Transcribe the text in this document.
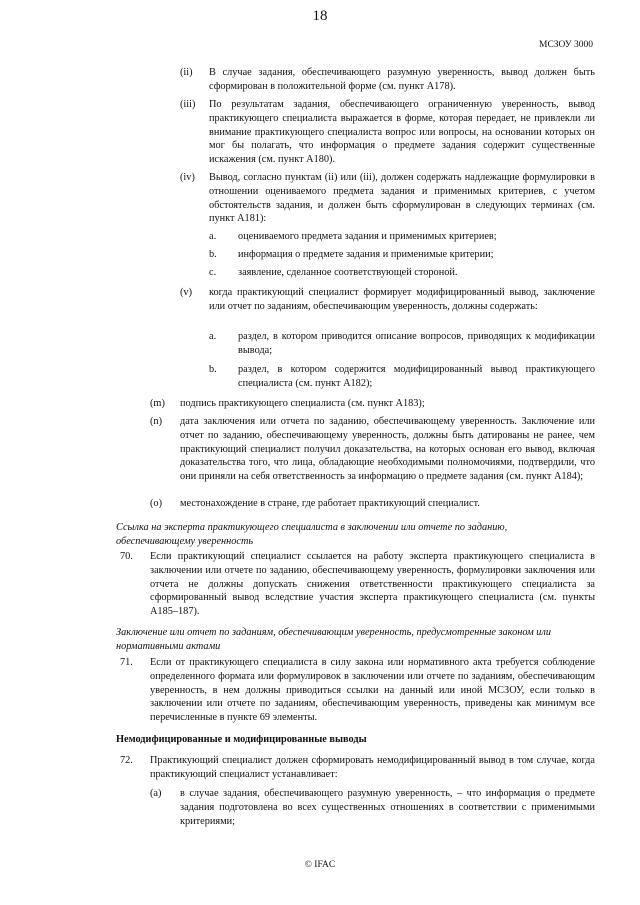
18
МСЗОУ 3000
(ii) В случае задания, обеспечивающего разумную уверенность, вывод должен быть сформирован в положительной форме (см. пункт A178).
(iii) По результатам задания, обеспечивающего ограниченную уверенность, вывод практикующего специалиста выражается в форме, которая передает, не привлекли ли внимание практикующего специалиста вопрос или вопросы, на основании которых он мог бы полагать, что информация о предмете задания содержит существенные искажения (см. пункт A180).
(iv) Вывод, согласно пунктам (ii) или (iii), должен содержать надлежащие формулировки в отношении оцениваемого предмета задания и применимых критериев, с учетом обстоятельств задания, и должен быть сформулирован в следующих терминах (см. пункт A181):
a. оцениваемого предмета задания и применимых критериев;
b. информация о предмете задания и применимые критерии;
c. заявление, сделанное соответствующей стороной.
(v) когда практикующий специалист формирует модифицированный вывод, заключение или отчет по заданиям, обеспечивающим уверенность, должны содержать:
a. раздел, в котором приводится описание вопросов, приводящих к модификации вывода;
b. раздел, в котором содержится модифицированный вывод практикующего специалиста (см. пункт A182);
(m) подпись практикующего специалиста (см. пункт A183);
(n) дата заключения или отчета по заданию, обеспечивающему уверенность. Заключение или отчет по заданию, обеспечивающему уверенность, должны быть датированы не ранее, чем практикующий специалист получил доказательства, на которых основан его вывод, включая доказательства того, что лица, обладающие необходимыми полномочиями, подтвердили, что они приняли на себя ответственность за информацию о предмете задания (см. пункт A184);
(o) местонахождение в стране, где работает практикующий специалист.
Ссылка на эксперта практикующего специалиста в заключении или отчете по заданию, обеспечивающему уверенность
70. Если практикующий специалист ссылается на работу эксперта практикующего специалиста в заключении или отчете по заданию, обеспечивающему уверенность, формулировки заключения или отчета не должны допускать снижения ответственности практикующего специалиста за сформированный вывод вследствие участия эксперта практикующего специалиста (см. пункты A185–187).
Заключение или отчет по заданиям, обеспечивающим уверенность, предусмотренные законом или нормативными актами
71. Если от практикующего специалиста в силу закона или нормативного акта требуется соблюдение определенного формата или формулировок в заключении или отчете по заданиям, обеспечивающим уверенность, в нем должны приводиться ссылки на данный или иной МСЗОУ, если только в заключении или отчете по заданиям, обеспечивающим уверенность, приведены как минимум все перечисленные в пункте 69 элементы.
Немодифицированные и модифицированные выводы
72. Практикующий специалист должен сформировать немодифицированный вывод в том случае, когда практикующий специалист устанавливает:
(a) в случае задания, обеспечивающего разумную уверенность, – что информация о предмете задания подготовлена во всех существенных отношениях в соответствии с применимыми критериями;
© IFAC
